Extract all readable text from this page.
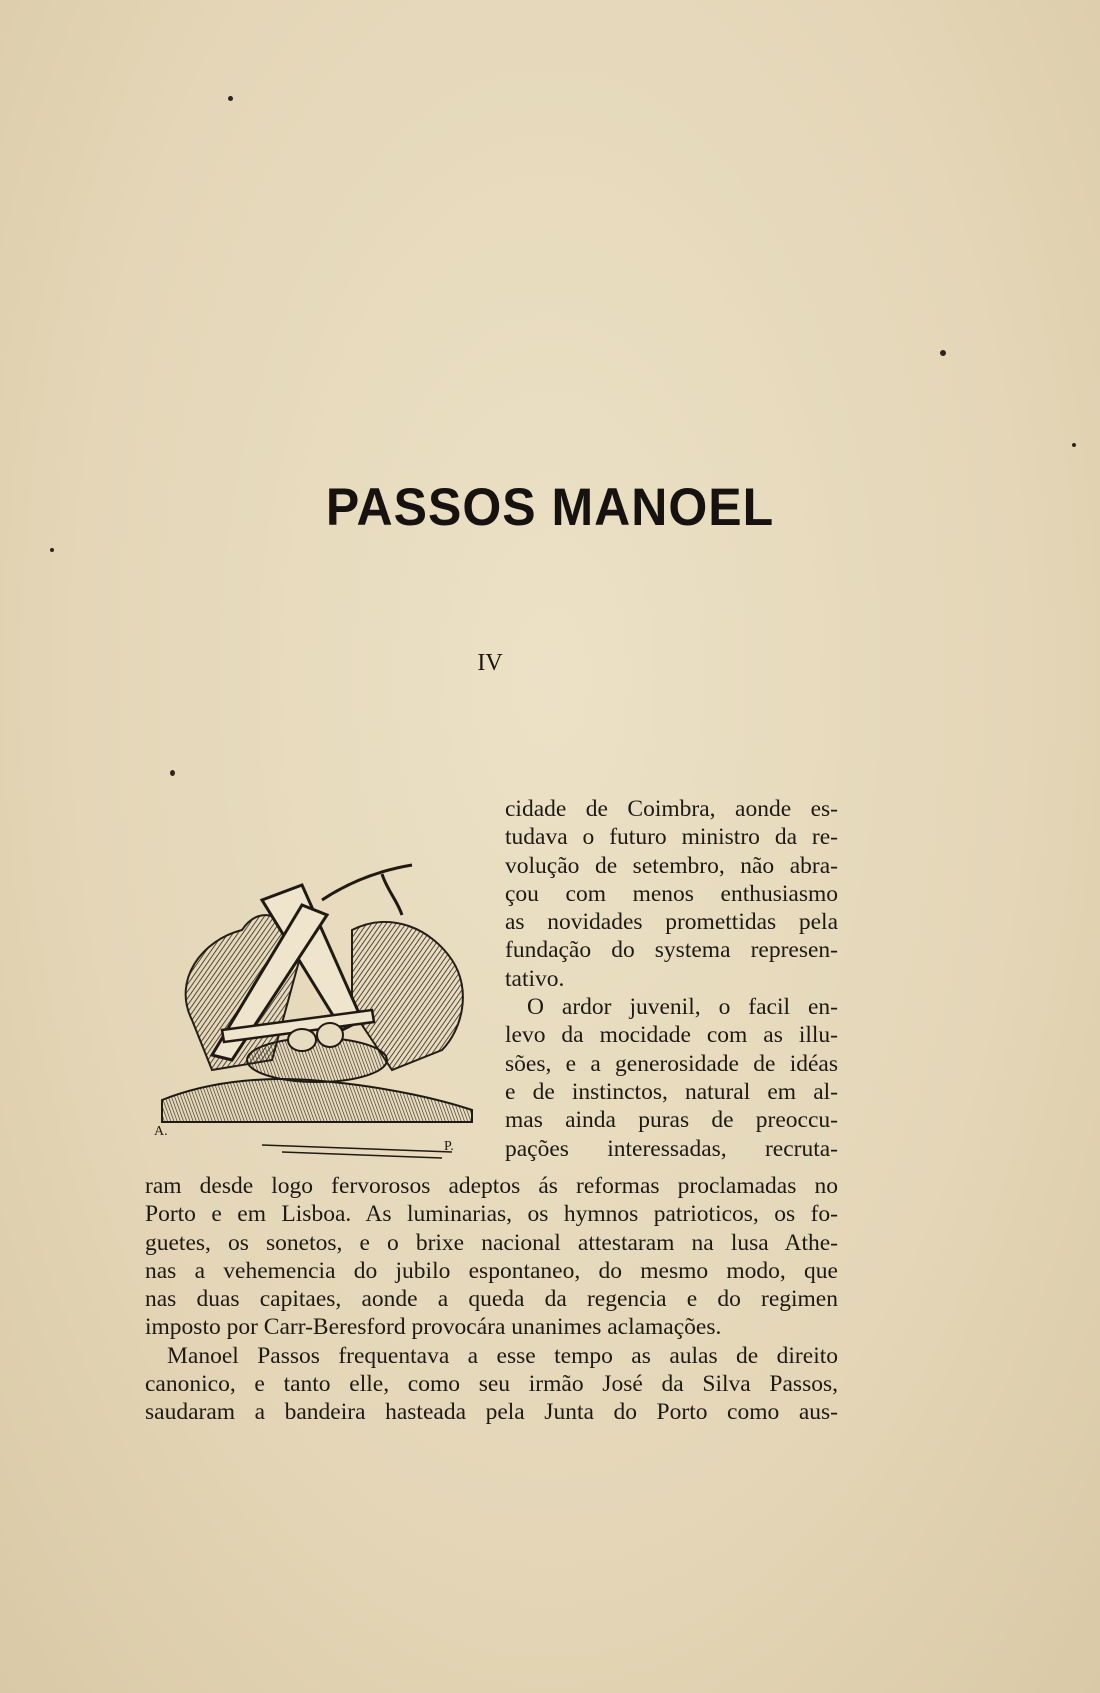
PASSOS MANOEL
IV
A.
P.
cidade de Coimbra, aonde es-
tudava o futuro ministro da re-
volução de setembro, não abra-
çou com menos enthusiasmo
as novidades promettidas pela
fundação do systema represen-
tativo.
O ardor juvenil, o facil en-
levo da mocidade com as illu-
sões, e a generosidade de idéas
e de instinctos, natural em al-
mas ainda puras de preoccu-
pações interessadas, recruta-
ram desde logo fervorosos adeptos ás reformas proclamadas no
Porto e em Lisboa. As luminarias, os hymnos patrioticos, os fo-
guetes, os sonetos, e o brixe nacional attestaram na lusa Athe-
nas a vehemencia do jubilo espontaneo, do mesmo modo, que
nas duas capitaes, aonde a queda da regencia e do regimen
imposto por Carr-Beresford provocára unanimes aclamações.
Manoel Passos frequentava a esse tempo as aulas de direito
canonico, e tanto elle, como seu irmão José da Silva Passos,
saudaram a bandeira hasteada pela Junta do Porto como aus-
